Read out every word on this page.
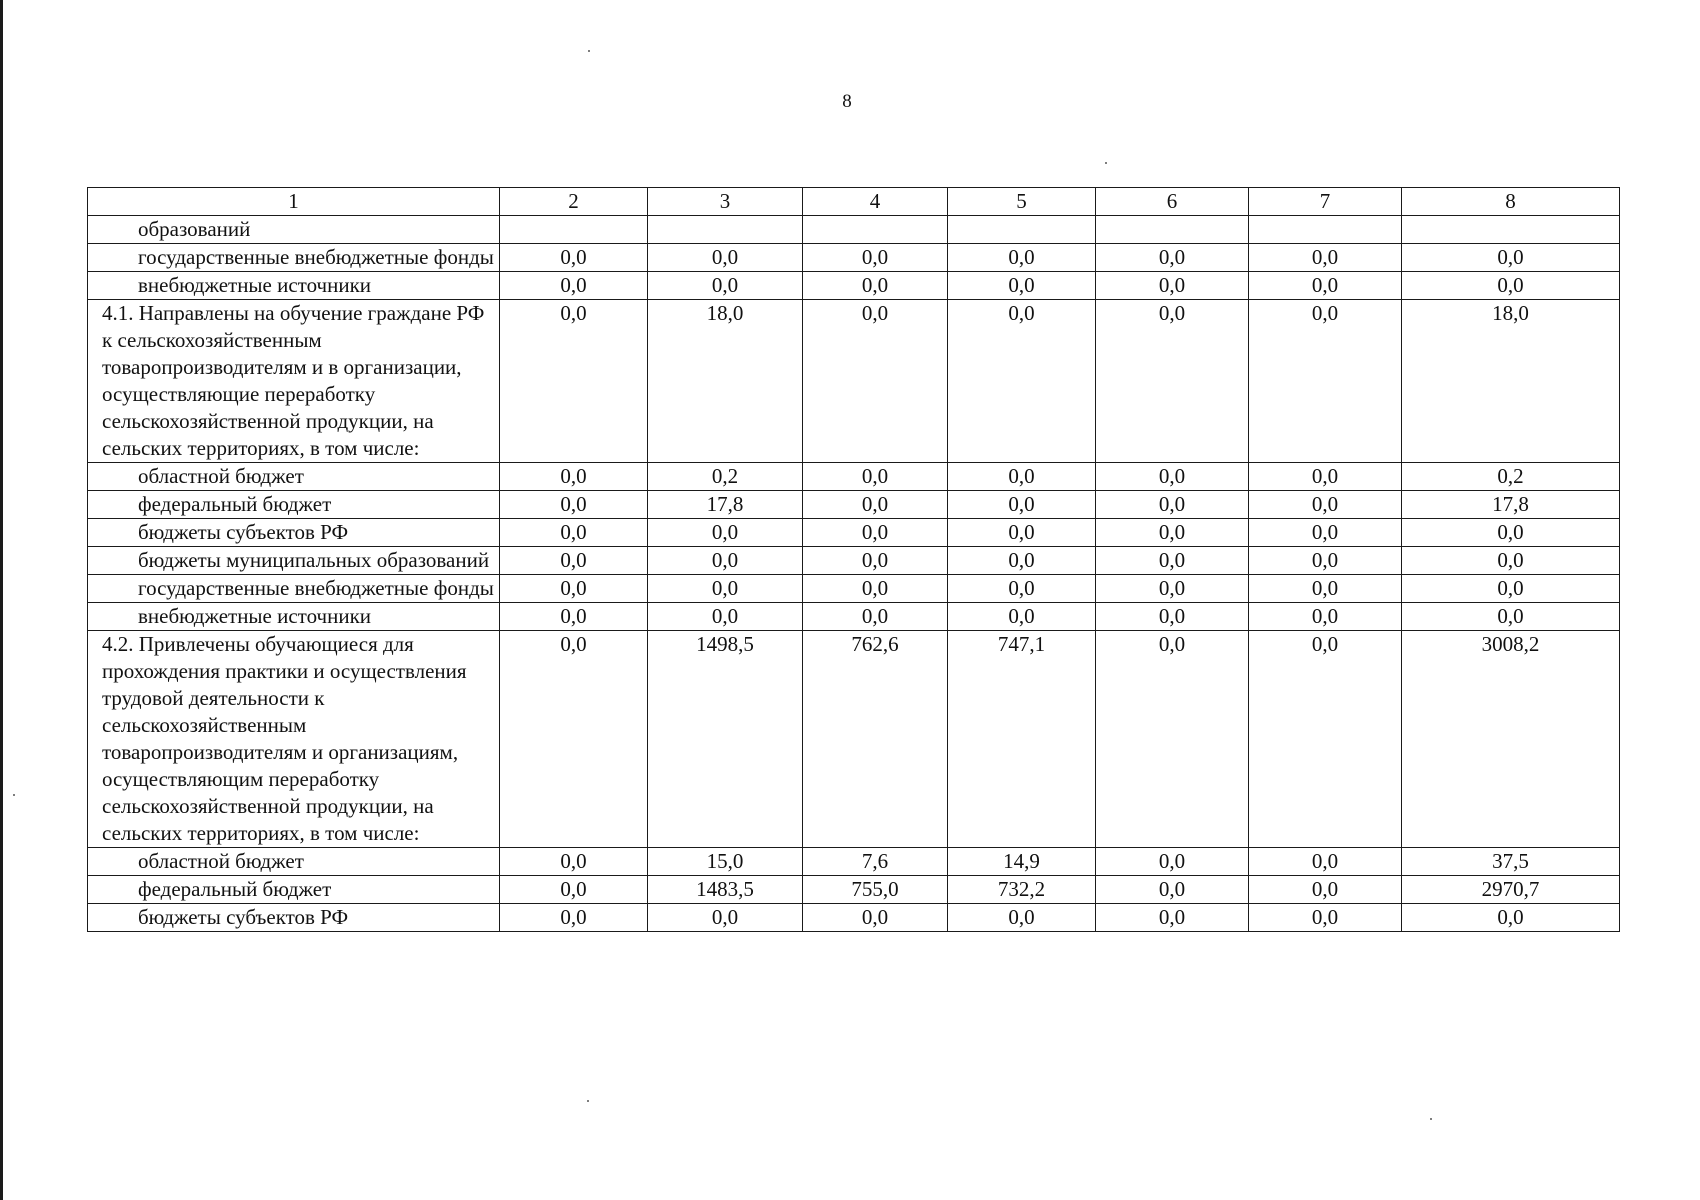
8
1	2	3	4	5	6	7	8
образований							
государственные внебюджетные фонды	0,0	0,0	0,0	0,0	0,0	0,0	0,0
внебюджетные источники	0,0	0,0	0,0	0,0	0,0	0,0	0,0
4.1. Направлены на обучение граждане РФ к сельскохозяйственным товаропроизводителям и в организации, осуществляющие переработку сельскохозяйственной продукции, на сельских территориях, в том числе:	0,0	18,0	0,0	0,0	0,0	0,0	18,0
областной бюджет	0,0	0,2	0,0	0,0	0,0	0,0	0,2
федеральный бюджет	0,0	17,8	0,0	0,0	0,0	0,0	17,8
бюджеты субъектов РФ	0,0	0,0	0,0	0,0	0,0	0,0	0,0
бюджеты муниципальных образований	0,0	0,0	0,0	0,0	0,0	0,0	0,0
государственные внебюджетные фонды	0,0	0,0	0,0	0,0	0,0	0,0	0,0
внебюджетные источники	0,0	0,0	0,0	0,0	0,0	0,0	0,0
4.2. Привлечены обучающиеся для прохождения практики и осуществления трудовой деятельности к сельскохозяйственным товаропроизводителям и организациям, осуществляющим переработку сельскохозяйственной продукции, на сельских территориях, в том числе:	0,0	1498,5	762,6	747,1	0,0	0,0	3008,2
областной бюджет	0,0	15,0	7,6	14,9	0,0	0,0	37,5
федеральный бюджет	0,0	1483,5	755,0	732,2	0,0	0,0	2970,7
бюджеты субъектов РФ	0,0	0,0	0,0	0,0	0,0	0,0	0,0
